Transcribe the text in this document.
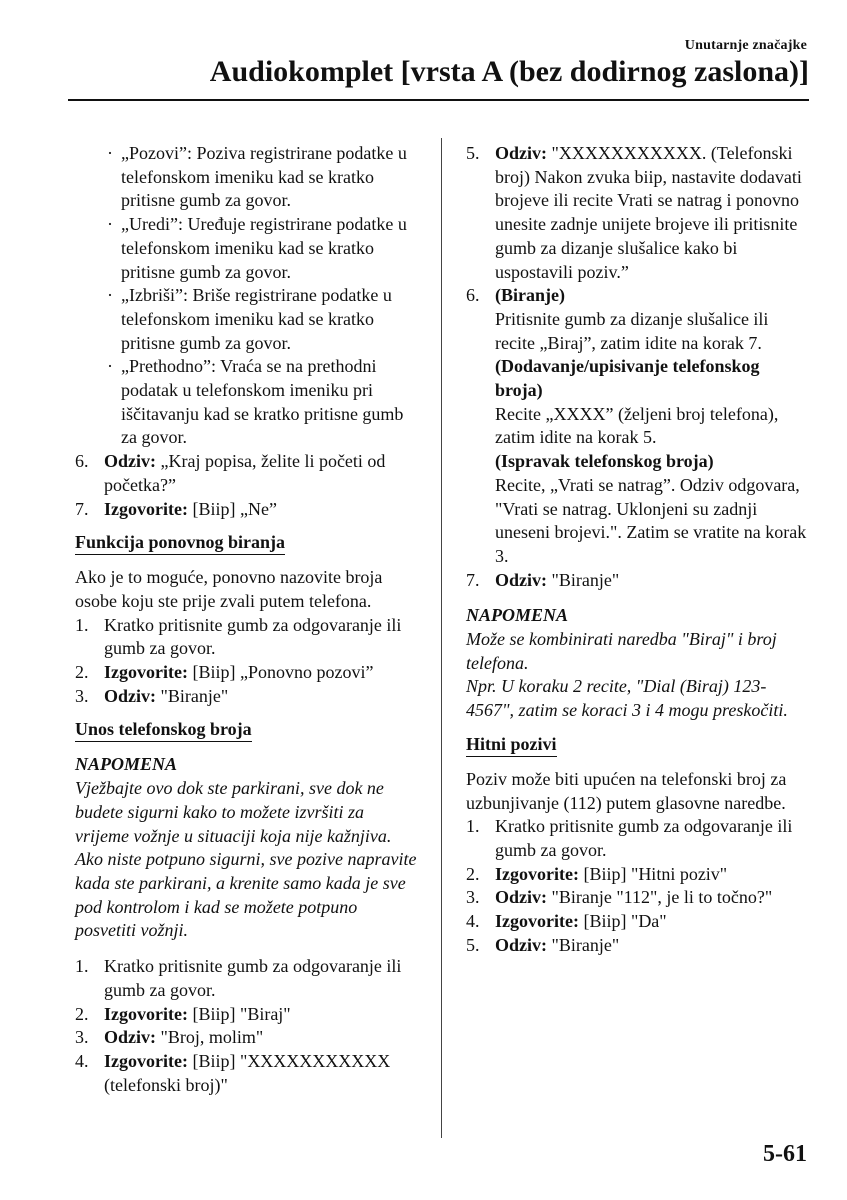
Unutarnje značajke
Audiokomplet [vrsta A (bez dodirnog zaslona)]
· „Pozovi”: Poziva registrirane podatke u telefonskom imeniku kad se kratko pritisne gumb za govor.
· „Uredi”: Uređuje registrirane podatke u telefonskom imeniku kad se kratko pritisne gumb za govor.
· „Izbriši”: Briše registrirane podatke u telefonskom imeniku kad se kratko pritisne gumb za govor.
· „Prethodno”: Vraća se na prethodni podatak u telefonskom imeniku pri iščitavanju kad se kratko pritisne gumb za govor.
6. Odziv: „Kraj popisa, želite li početi od početka?”
7. Izgovorite: [Biip] „Ne”
Funkcija ponovnog biranja
Ako je to moguće, ponovno nazovite broja osobe koju ste prije zvali putem telefona.
1. Kratko pritisnite gumb za odgovaranje ili gumb za govor.
2. Izgovorite: [Biip] „Ponovno pozovi”
3. Odziv: "Biranje"
Unos telefonskog broja
NAPOMENA
Vježbajte ovo dok ste parkirani, sve dok ne budete sigurni kako to možete izvršiti za vrijeme vožnje u situaciji koja nije kažnjiva. Ako niste potpuno sigurni, sve pozive napravite kada ste parkirani, a krenite samo kada je sve pod kontrolom i kad se možete potpuno posvetiti vožnji.
1. Kratko pritisnite gumb za odgovaranje ili gumb za govor.
2. Izgovorite: [Biip] "Biraj"
3. Odziv: "Broj, molim"
4. Izgovorite: [Biip] "XXXXXXXXXXX (telefonski broj)"
5. Odziv: "XXXXXXXXXXX. (Telefonski broj) Nakon zvuka biip, nastavite dodavati brojeve ili recite Vrati se natrag i ponovno unesite zadnje unijete brojeve ili pritisnite gumb za dizanje slušalice kako bi uspostavili poziv.”
6. (Biranje)
Pritisnite gumb za dizanje slušalice ili recite „Biraj”, zatim idite na korak 7.
(Dodavanje/upisivanje telefonskog broja)
Recite „XXXX” (željeni broj telefona), zatim idite na korak 5.
(Ispravak telefonskog broja)
Recite, „Vrati se natrag”. Odziv odgovara, "Vrati se natrag. Uklonjeni su zadnji uneseni brojevi.". Zatim se vratite na korak 3.
7. Odziv: "Biranje"
NAPOMENA
Može se kombinirati naredba "Biraj" i broj telefona.
Npr. U koraku 2 recite, "Dial (Biraj) 123-4567", zatim se koraci 3 i 4 mogu preskočiti.
Hitni pozivi
Poziv može biti upućen na telefonski broj za uzbunjivanje (112) putem glasovne naredbe.
1. Kratko pritisnite gumb za odgovaranje ili gumb za govor.
2. Izgovorite: [Biip] "Hitni poziv"
3. Odziv: "Biranje "112", je li to točno?"
4. Izgovorite: [Biip] "Da"
5. Odziv: "Biranje"
5-61
